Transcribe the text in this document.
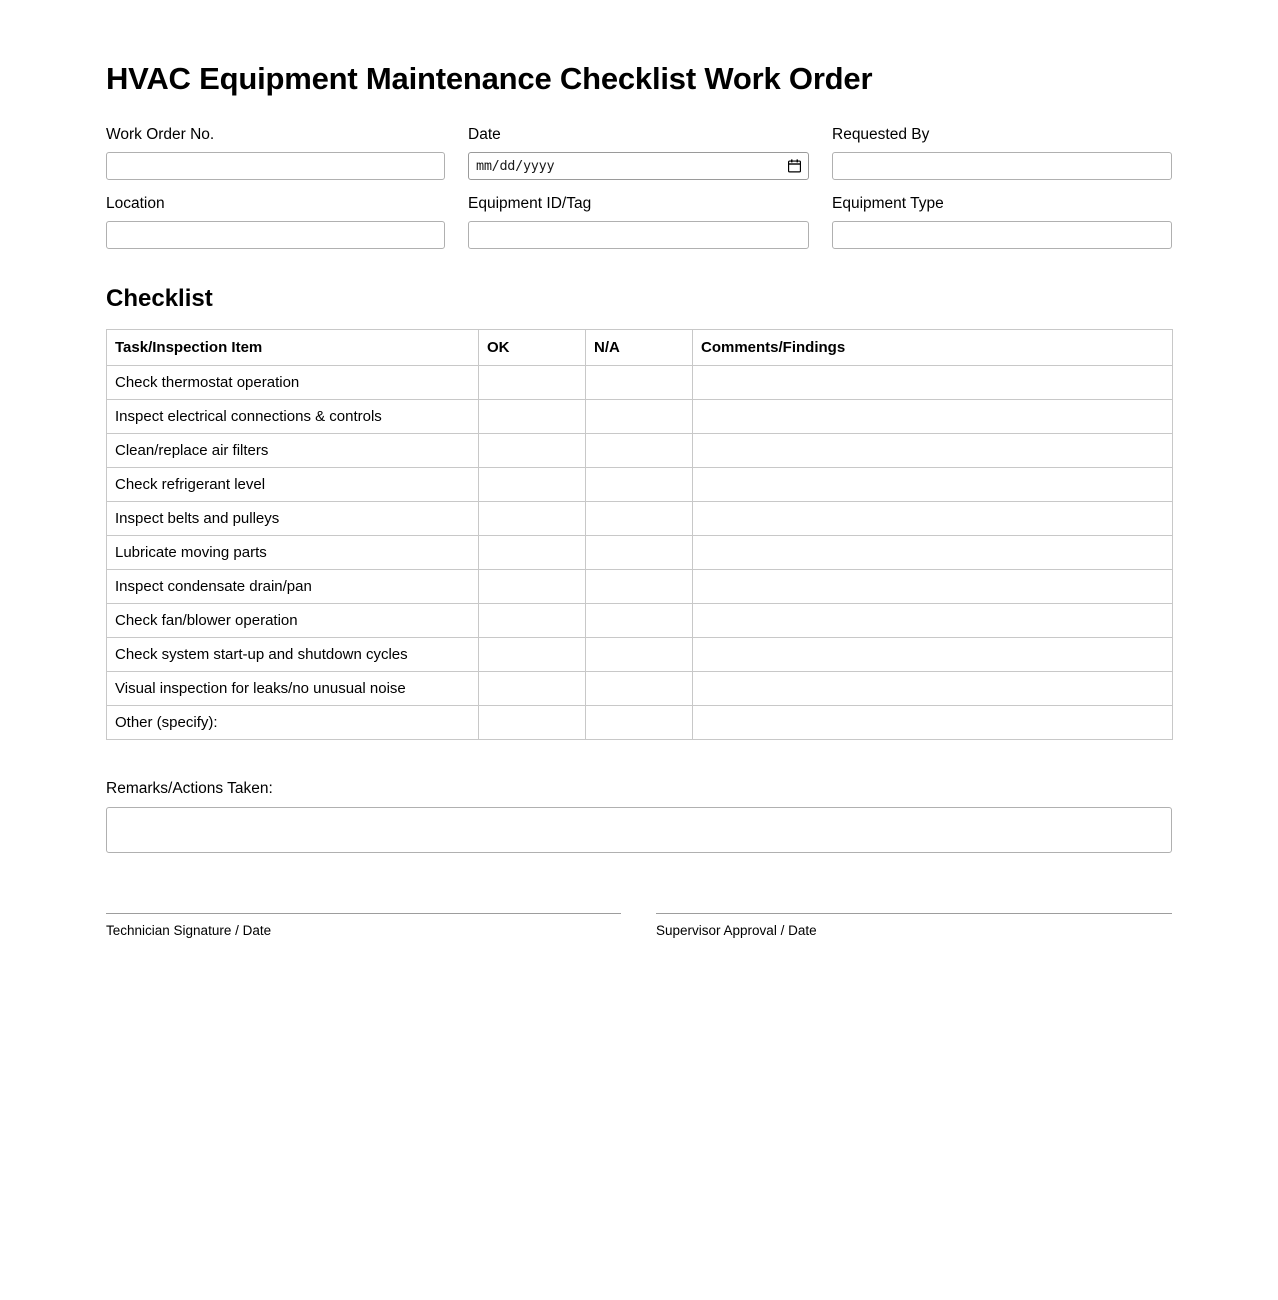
HVAC Equipment Maintenance Checklist Work Order
Work Order No.	Date
mm/dd/yyyy
Requested By
Location	Equipment ID/Tag	Equipment Type
Checklist
Task/Inspection Item	OK	N/A	Comments/Findings
Check thermostat operation			
Inspect electrical connections & controls			
Clean/replace air filters			
Check refrigerant level			
Inspect belts and pulleys			
Lubricate moving parts			
Inspect condensate drain/pan			
Check fan/blower operation			
Check system start-up and shutdown cycles			
Visual inspection for leaks/no unusual noise			
Other (specify):			
Remarks/Actions Taken:
Technician Signature / Date	Supervisor Approval / Date
